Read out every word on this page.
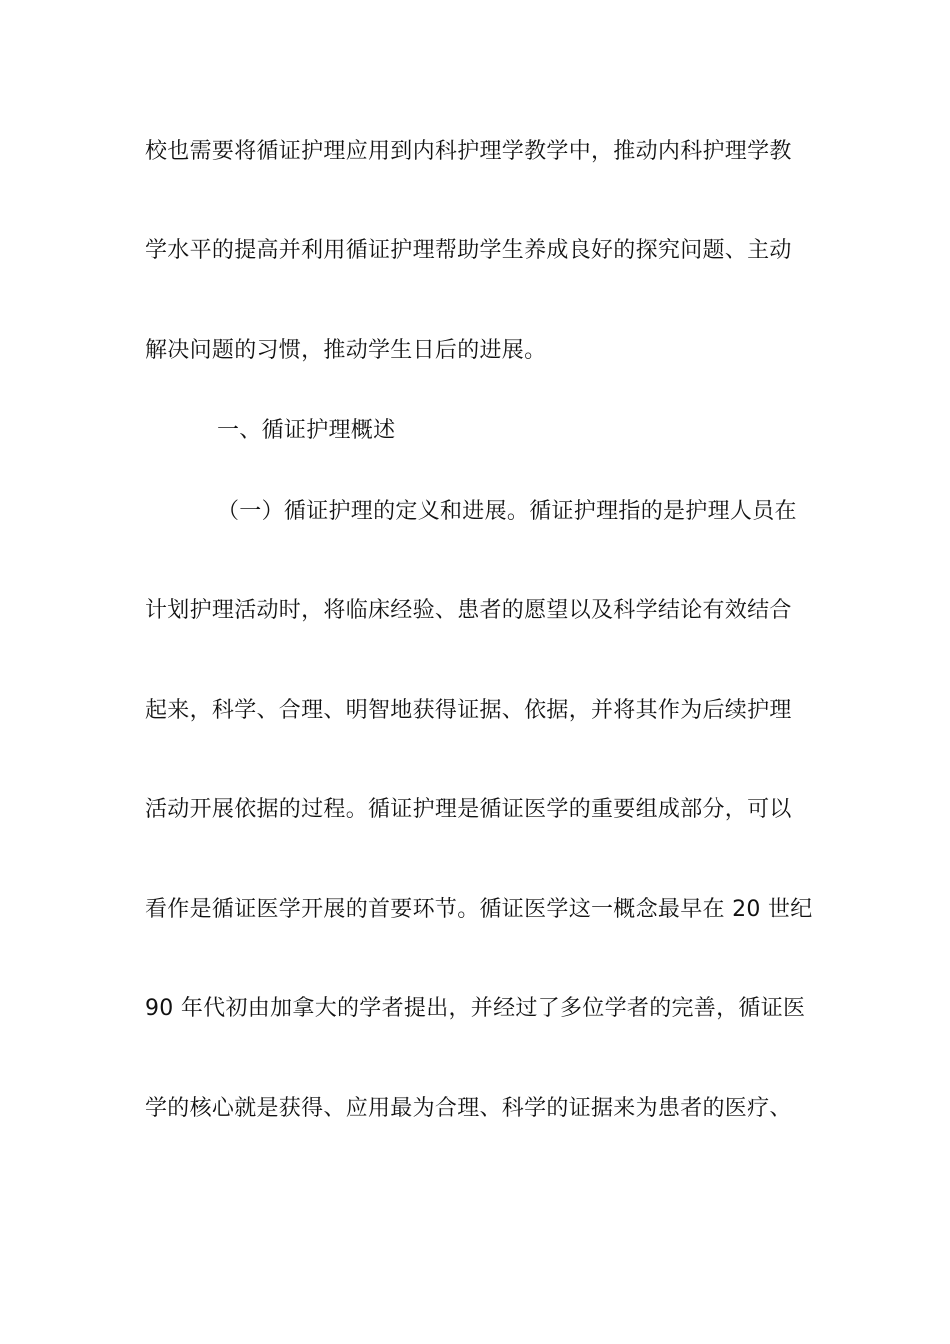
校也需要将循证护理应用到内科护理学教学中，推动内科护理学教
学水平的提高并利用循证护理帮助学生养成良好的探究问题、主动
解决问题的习惯，推动学生日后的进展。
一、循证护理概述
（一）循证护理的定义和进展。循证护理指的是护理人员在
计划护理活动时，将临床经验、患者的愿望以及科学结论有效结合
起来，科学、合理、明智地获得证据、依据，并将其作为后续护理
活动开展依据的过程。循证护理是循证医学的重要组成部分，可以
看作是循证医学开展的首要环节。循证医学这一概念最早在 20 世纪
90 年代初由加拿大的学者提出，并经过了多位学者的完善，循证医
学的核心就是获得、应用最为合理、科学的证据来为患者的医疗、
